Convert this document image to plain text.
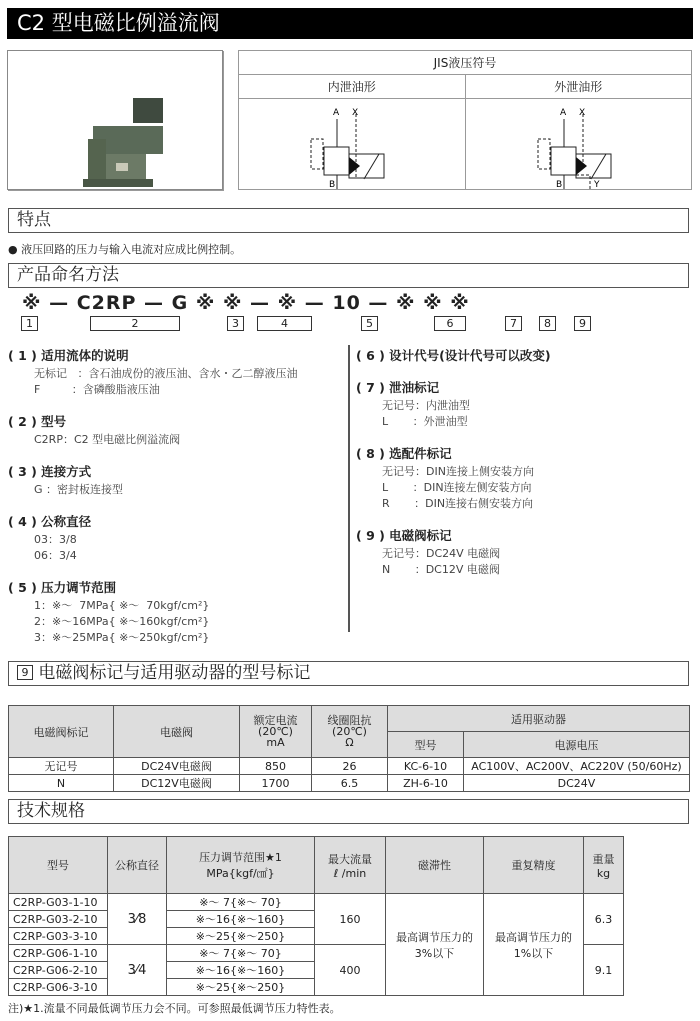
C2 型电磁比例溢流阀
JIS液压符号
内泄油形	外泄油形
A X
B
A X
B	Y
特点
● 液压回路的压力与输入电流对应成比例控制。
产品命名方法
※ — C2RP — G ※ ※ — ※ — 10 — ※ ※ ※
1	2	3	4	5	6	7	8	9
( 1 ) 适用流体的说明

无标记   ：含石油成份的液压油、含水・乙二醇液压油

F         ：含磷酸脂液压油

( 2 ) 型号

C2RP：C2 型电磁比例溢流阀

( 3 ) 连接方式

G ：密封板连接型

( 4 ) 公称直径

03：3/8

06：3/4

( 5 ) 压力调节范围

1：※～  7MPa{ ※～  70kgf/cm²}

2：※～16MPa{ ※～160kgf/cm²}

3：※～25MPa{ ※～250kgf/cm²}

( 6 ) 设计代号(设计代号可以改变)
( 7 ) 泄油标记

无记号：内泄油型

L       ：外泄油型

( 8 ) 选配件标记

无记号：DIN连接上侧安装方向

L       ：DIN连接左侧安装方向

R       ：DIN连接右侧安装方向

( 9 ) 电磁阀标记

无记号：DC24V 电磁阀

N       ：DC12V 电磁阀

9 电磁阀标记与适用驱动器的型号标记
电磁阀标记	电磁阀	额定电流
(20℃)
mA	线圈阻抗
(20℃)
Ω	适用驱动器	
				型号	电源电压
无记号	DC24V电磁阀	850	26	KC-6-10	AC100V、AC200V、AC220V (50/60Hz)
N	DC12V电磁阀	1700	6.5	ZH-6-10	DC24V
技术规格
型号	公称直径	压力调节范围★1
MPa{kgf/㎠}	最大流量
ℓ /min	磁滞性	重复精度	重量
kg
C2RP-G03-1-10	3⁄8	※～ 7{※～ 70}	160	最高调节压力的
3%以下	最高调节压力的
1%以下	6.3
C2RP-G03-2-10		※～16{※～160}				
C2RP-G03-3-10		※～25{※～250}				
C2RP-G06-1-10	3⁄4	※～ 7{※～ 70}	400			9.1
C2RP-G06-2-10		※～16{※～160}				
C2RP-G06-3-10		※～25{※～250}				
注)★1.流量不同最低调节压力会不同。可参照最低调节压力特性表。
